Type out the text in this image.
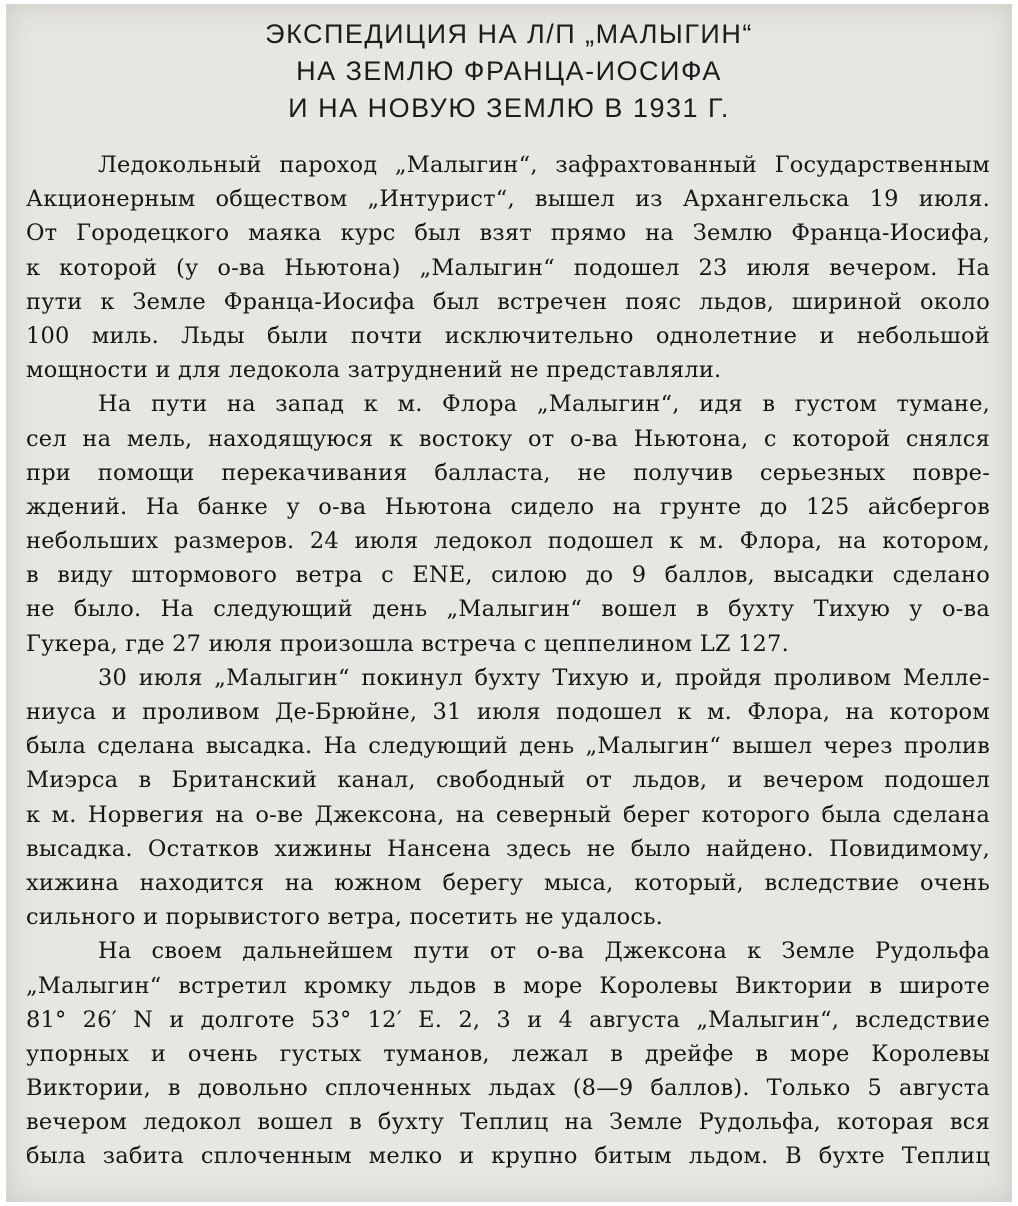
ЭКСПЕДИЦИЯ НА Л/П „МАЛЫГИН“
НА ЗЕМЛЮ ФРАНЦА-ИОСИФА
И НА НОВУЮ ЗЕМЛЮ В 1931 Г.
Ледокольный пароход „Малыгин“, зафрахтованный Государственным
Акционерным обществом „Интурист“, вышел из Архангельска 19 июля.
От Городецкого маяка курс был взят прямо на Землю Франца-Иосифа,
к которой (у о-ва Ньютона) „Малыгин“ подошел 23 июля вечером. На
пути к Земле Франца-Иосифа был встречен пояс льдов, шириной около
100 миль. Льды были почти исключительно однолетние и небольшой
мощности и для ледокола затруднений не представляли.
На пути на запад к м. Флора „Малыгин“, идя в густом тумане,
сел на мель, находящуюся к востоку от о-ва Ньютона, с которой снялся
при помощи перекачивания балласта, не получив серьезных повре-
ждений. На банке у о-ва Ньютона сидело на грунте до 125 айсбергов
небольших размеров. 24 июля ледокол подошел к м. Флора, на котором,
в виду штормового ветра с ENE, силою до 9 баллов, высадки сделано
не было. На следующий день „Малыгин“ вошел в бухту Тихую у о-ва
Гукера, где 27 июля произошла встреча с цеппелином LZ 127.
30 июля „Малыгин“ покинул бухту Тихую и, пройдя проливом Меллe-
ниуса и проливом Де-Брюйне, 31 июля подошел к м. Флора, на котором
была сделана высадка. На следующий день „Малыгин“ вышел через пролив
Миэрса в Британский канал, свободный от льдов, и вечером подошел
к м. Норвегия на о-ве Джексона, на северный берег которого была сделана
высадка. Остатков хижины Нансена здесь не было найдено. Повидимому,
хижина находится на южном берегу мыса, который, вследствие очень
сильного и порывистого ветра, посетить не удалось.
На своем дальнейшем пути от о-ва Джексона к Земле Рудольфа
„Малыгин“ встретил кромку льдов в море Королевы Виктории в широте
81° 26′ N и долготе 53° 12′ E. 2, 3 и 4 августа „Малыгин“, вследствие
упорных и очень густых туманов, лежал в дрейфе в море Королевы
Виктории, в довольно сплоченных льдах (8—9 баллов). Только 5 августа
вечером ледокол вошел в бухту Теплиц на Земле Рудольфа, которая вся
была забита сплоченным мелко и крупно битым льдом. В бухте Теплиц
